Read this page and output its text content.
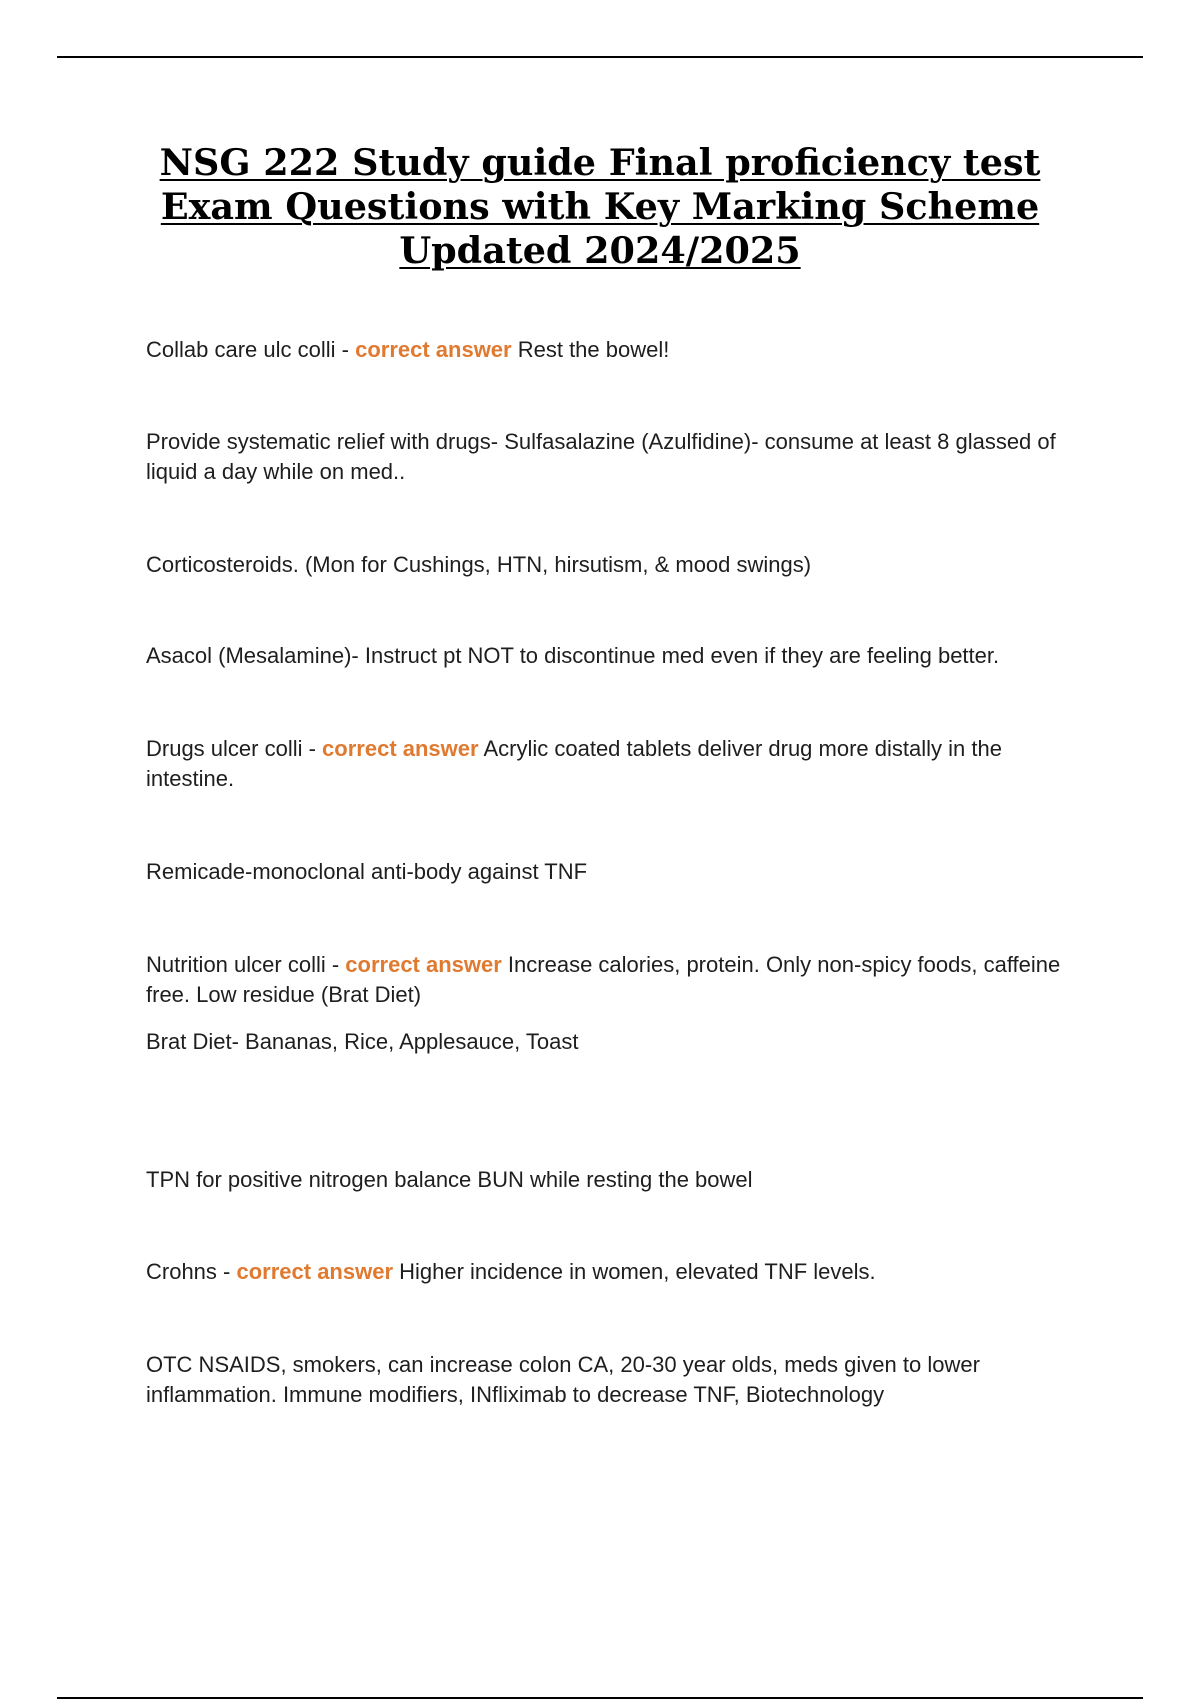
NSG 222 Study guide Final proficiency test
Exam Questions with Key Marking Scheme
Updated 2024/2025
Collab care ulc colli - correct answer Rest the bowel!
Provide systematic relief with drugs- Sulfasalazine (Azulfidine)- consume at least 8 glassed of liquid a day while on med..
Corticosteroids. (Mon for Cushings, HTN, hirsutism, & mood swings)
Asacol (Mesalamine)- Instruct pt NOT to discontinue med even if they are feeling better.
Drugs ulcer colli - correct answer Acrylic coated tablets deliver drug more distally in the intestine.
Remicade-monoclonal anti-body against TNF
Nutrition ulcer colli - correct answer Increase calories, protein. Only non-spicy foods, caffeine free. Low residue (Brat Diet)
Brat Diet- Bananas, Rice, Applesauce, Toast
TPN for positive nitrogen balance BUN while resting the bowel
Crohns - correct answer Higher incidence in women, elevated TNF levels.
OTC NSAIDS, smokers, can increase colon CA, 20-30 year olds, meds given to lower inflammation. Immune modifiers, INfliximab to decrease TNF, Biotechnology
